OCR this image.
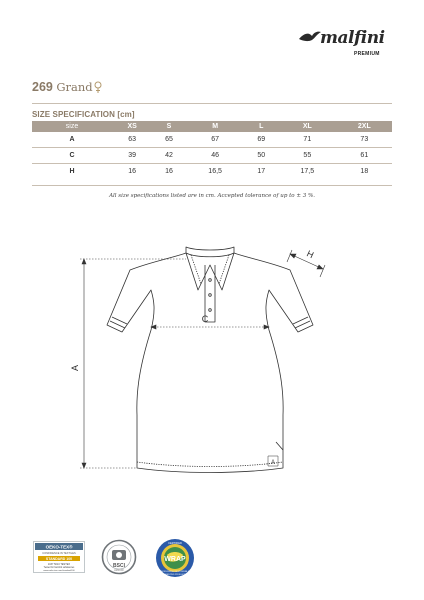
malfini
PREMIUM
269 Grand
SIZE SPECIFICATION [cm]
size	XS	S	M	L	XL	2XL
A	63	65	67	69	71	73
C	39	42	46	50	55	61
H	16	16	16,5	17	17,5	18
All size specifications listed are in cm. Accepted tolerance of up to ± 3 %.
A
C
H
A
OEKO-TEX®
CONFIDENCE IN TEXTILES
STANDARD 100
1037 5010 TESTEX
Tested for harmful substances
www.oeko-tex.com/standard100
BSCI
AMFORI
WRAP
CERTIFIED
WORLDWIDE RESPONSIBLE
ACCREDITED PRODUCTION
